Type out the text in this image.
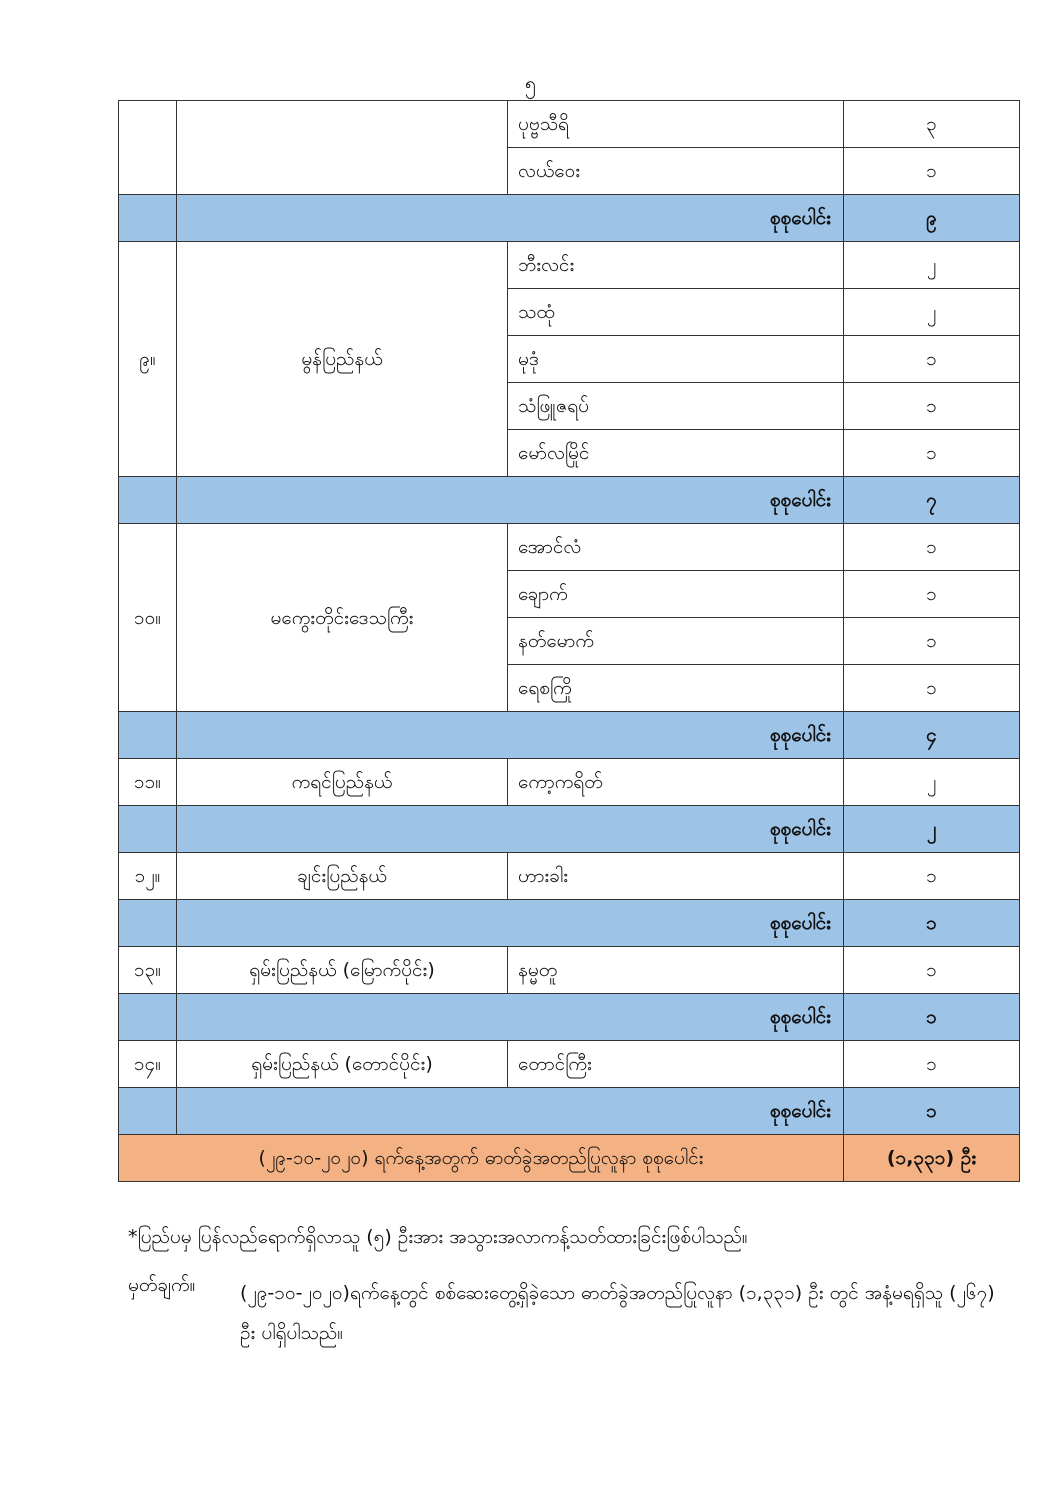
၅
		ပုဗ္ဗသီရိ	၃
		လယ်ဝေး	၁
	စုစုပေါင်း		၉
၉။	မွန်ပြည်နယ်	ဘီးလင်း	၂
		သထုံ	၂
		မုဒုံ	၁
		သံဖြူဇရပ်	၁
		မော်လမြိုင်	၁
	စုစုပေါင်း		၇
၁၀။	မကွေးတိုင်းဒေသကြီး	အောင်လံ	၁
		ချောက်	၁
		နတ်မောက်	၁
		ရေစကြို	၁
	စုစုပေါင်း		၄
၁၁။	ကရင်ပြည်နယ်	ကော့ကရိတ်	၂
	စုစုပေါင်း		၂
၁၂။	ချင်းပြည်နယ်	ဟားခါး	၁
	စုစုပေါင်း		၁
၁၃။	ရှမ်းပြည်နယ် (မြောက်ပိုင်း)	နမ္မတူ	၁
	စုစုပေါင်း		၁
၁၄။	ရှမ်းပြည်နယ် (တောင်ပိုင်း)	တောင်ကြီး	၁
	စုစုပေါင်း		၁
(၂၉-၁၀-၂၀၂၀) ရက်နေ့အတွက် ဓာတ်ခွဲအတည်ပြုလူနာ စုစုပေါင်း			(၁,၃၃၁) ဦး

*ပြည်ပမှ ပြန်လည်ရောက်ရှိလာသူ (၅) ဦးအား အသွားအလာကန့်သတ်ထားခြင်းဖြစ်ပါသည်။

မှတ်ချက်။	(၂၉-၁၀-၂၀၂၀)ရက်နေ့တွင် စစ်ဆေးတွေ့ရှိခဲ့သော ဓာတ်ခွဲအတည်ပြုလူနာ (၁,၃၃၁) ဦး တွင် အနံ့မရရှိသူ (၂၆၇) ဦး ပါရှိပါသည်။
